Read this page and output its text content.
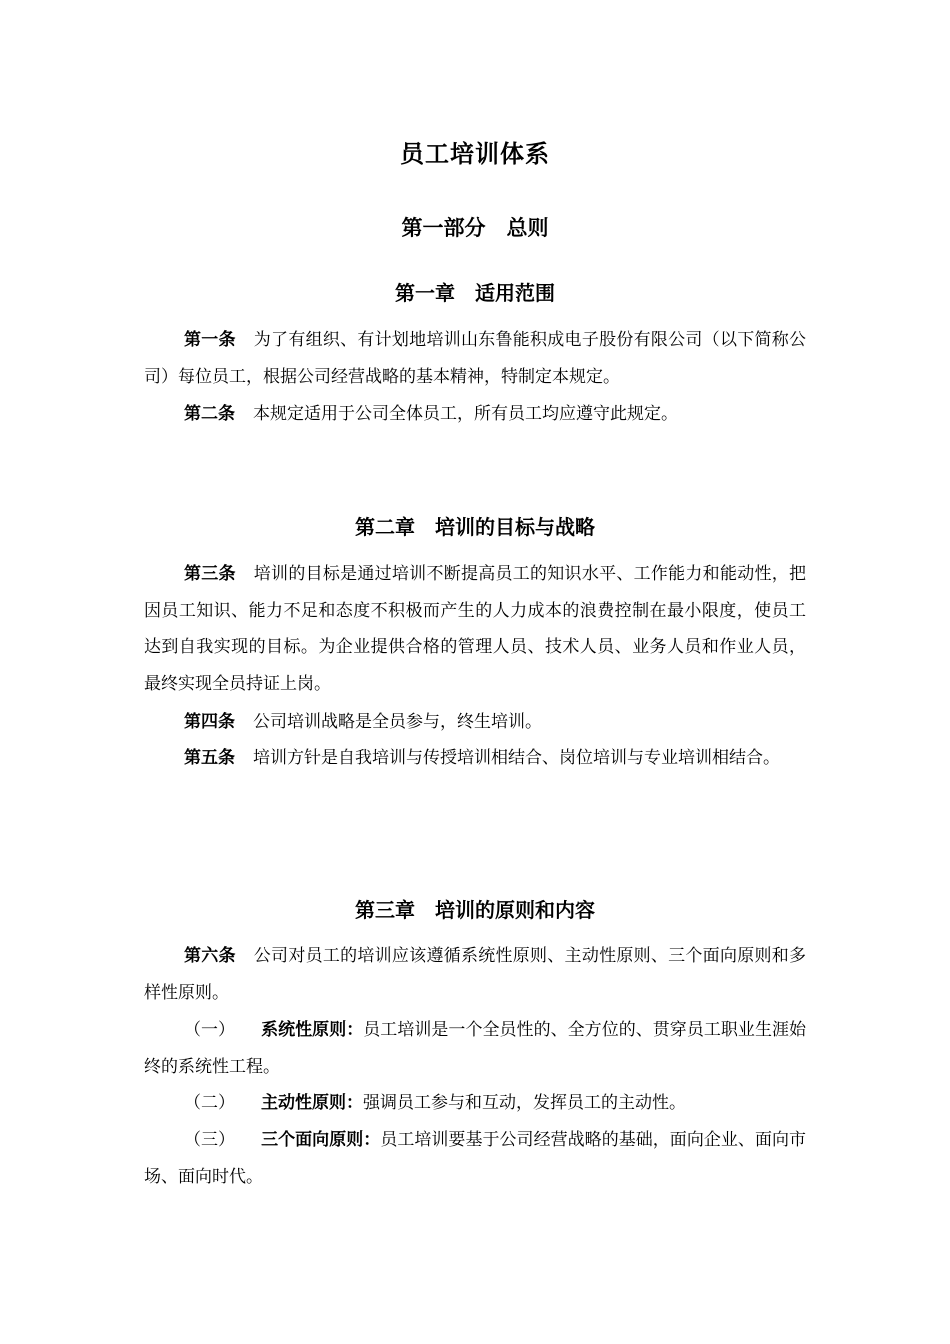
员工培训体系
第一部分　总则
第一章　适用范围

第一条 为了有组织、有计划地培训山东鲁能积成电子股份有限公司（以下简称公司）每位员工，根据公司经营战略的基本精神，特制定本规定。

第二条 本规定适用于公司全体员工，所有员工均应遵守此规定。

第二章　培训的目标与战略

第三条 培训的目标是通过培训不断提高员工的知识水平、工作能力和能动性，把因员工知识、能力不足和态度不积极而产生的人力成本的浪费控制在最小限度，使员工达到自我实现的目标。为企业提供合格的管理人员、技术人员、业务人员和作业人员，最终实现全员持证上岗。

第四条 公司培训战略是全员参与，终生培训。

第五条 培训方针是自我培训与传授培训相结合、岗位培训与专业培训相结合。

第三章　培训的原则和内容

第六条 公司对员工的培训应该遵循系统性原则、主动性原则、三个面向原则和多样性原则。

（一） 系统性原则：员工培训是一个全员性的、全方位的、贯穿员工职业生涯始终的系统性工程。

（二） 主动性原则：强调员工参与和互动，发挥员工的主动性。

（三） 三个面向原则：员工培训要基于公司经营战略的基础，面向企业、面向市场、面向时代。
